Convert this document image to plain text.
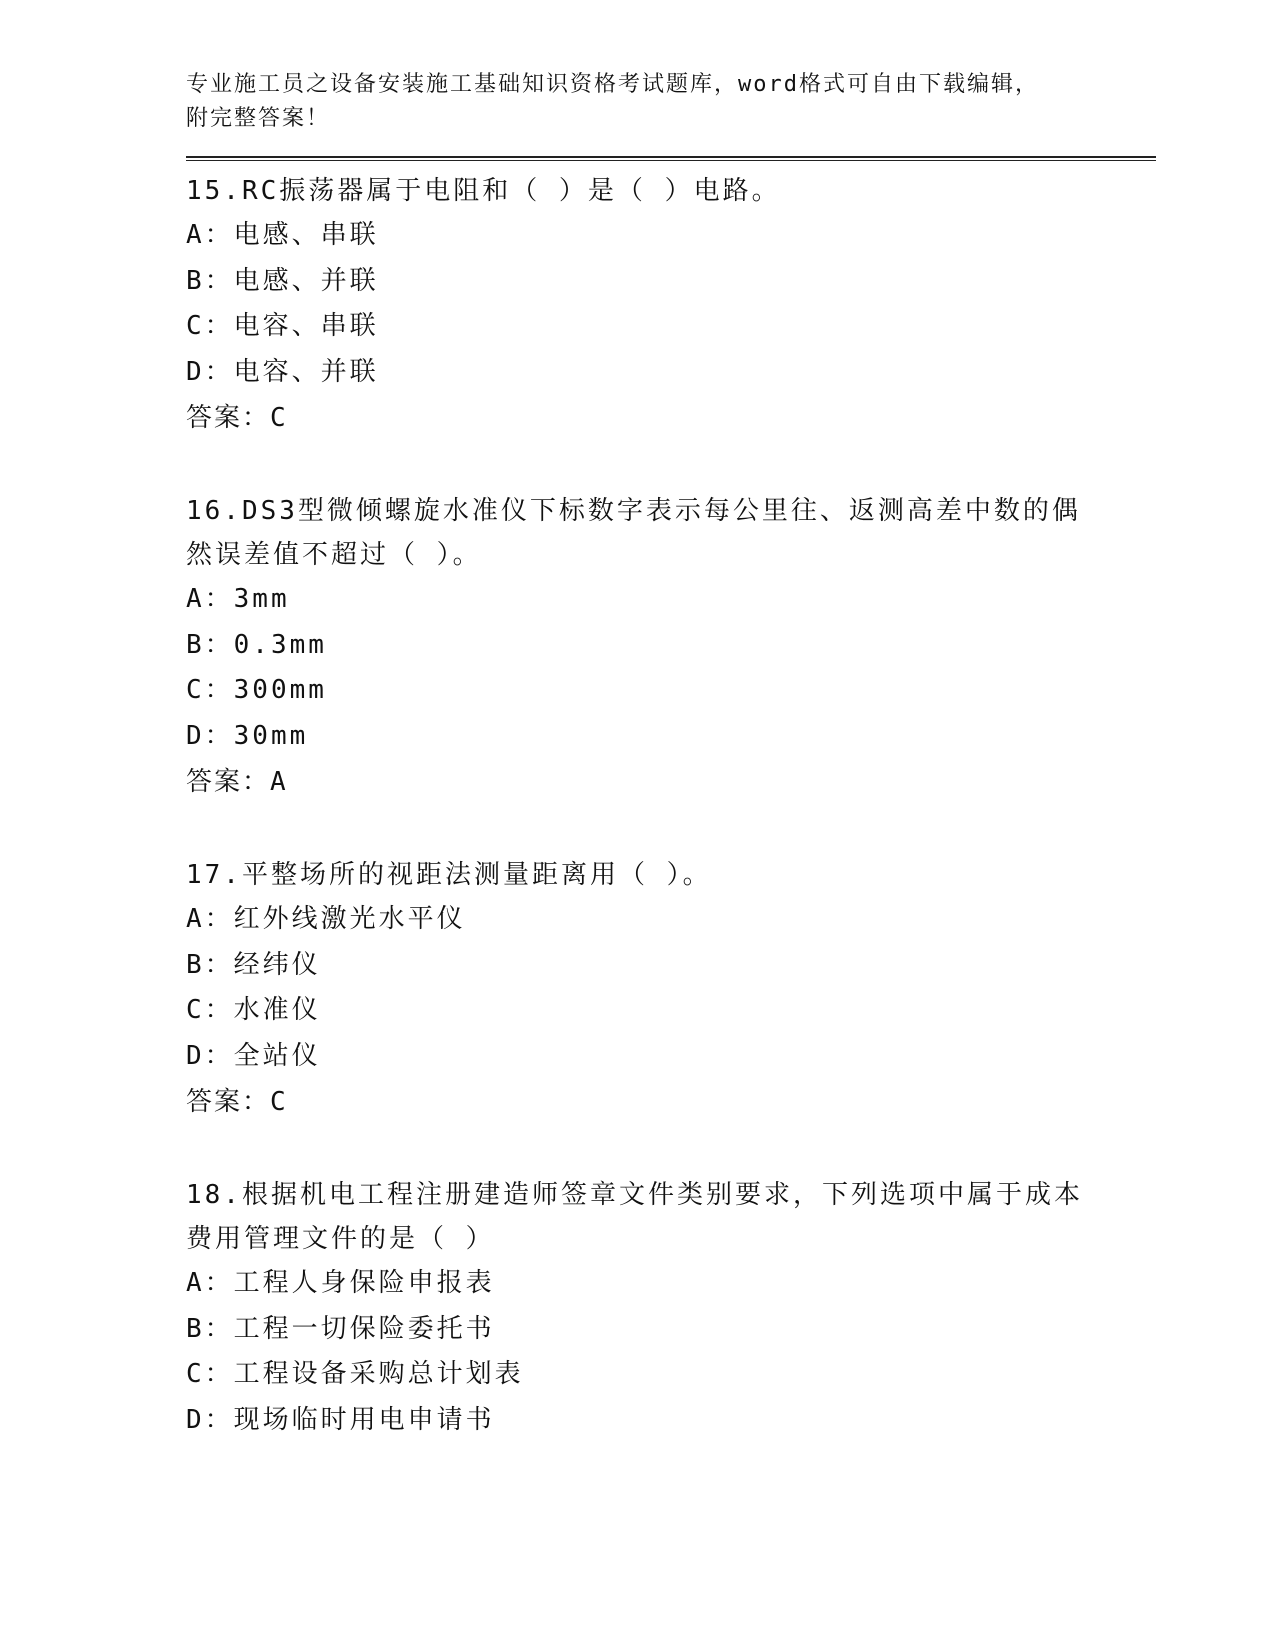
专业施工员之设备安装施工基础知识资格考试题库，word格式可自由下载编辑，
附完整答案！
15.RC振荡器属于电阻和（ ）是（ ）电路。
A：电感、串联
B：电感、并联
C：电容、串联
D：电容、并联
答案：C
16.DS3型微倾螺旋水准仪下标数字表示每公里往、返测高差中数的偶然误差值不超过（ ）。
A：3mm
B：0.3mm
C：300mm
D：30mm
答案：A
17.平整场所的视距法测量距离用（ ）。
A：红外线激光水平仪
B：经纬仪
C：水准仪
D：全站仪
答案：C
18.根据机电工程注册建造师签章文件类别要求，下列选项中属于成本费用管理文件的是（ ）
A：工程人身保险申报表
B：工程一切保险委托书
C：工程设备采购总计划表
D：现场临时用电申请书
